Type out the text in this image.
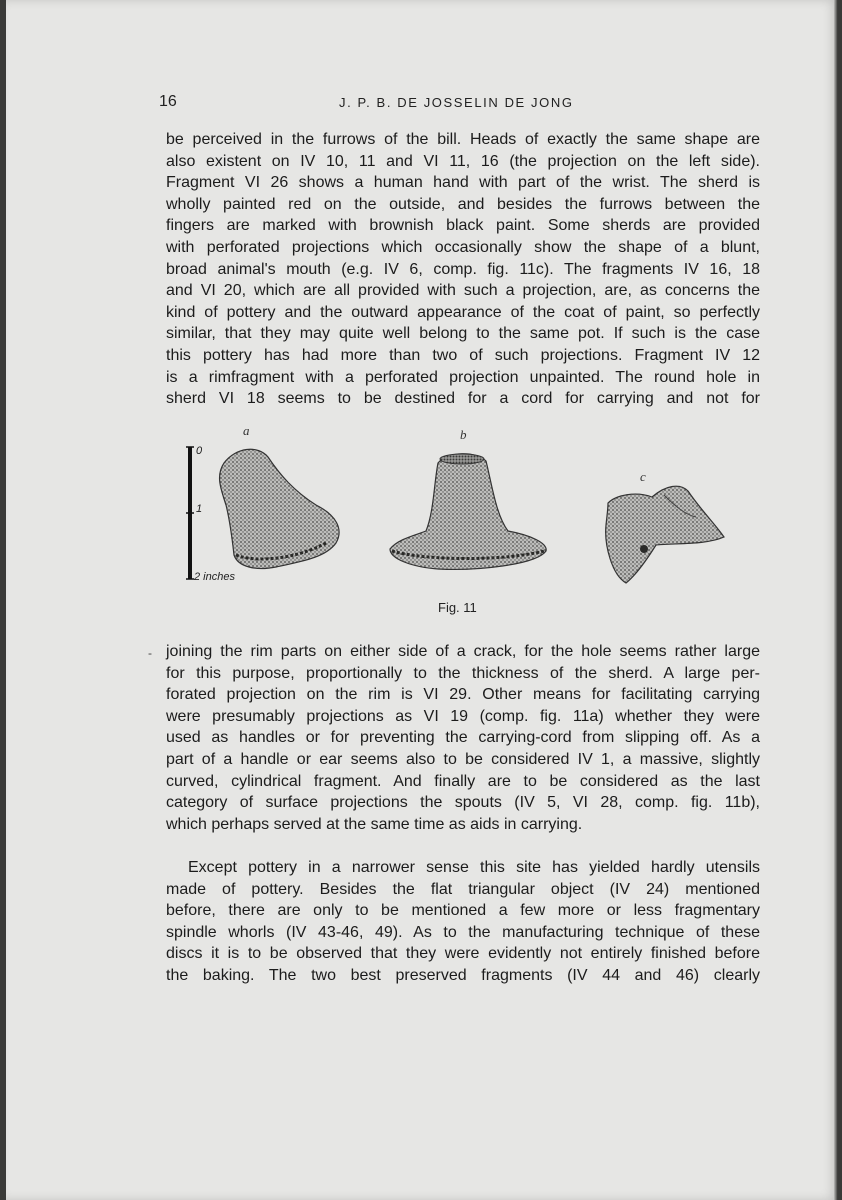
16	J. P. B. DE JOSSELIN DE JONG
be perceived in the furrows of the bill. Heads of exactly the same shape are
also existent on IV 10, 11 and VI 11, 16 (the projection on the left side).
Fragment VI 26 shows a human hand with part of the wrist. The sherd is
wholly painted red on the outside, and besides the furrows between the
fingers are marked with brownish black paint. Some sherds are provided
with perforated projections which occasionally show the shape of a blunt,
broad animal's mouth (e.g. IV 6, comp. fig. 11c). The fragments IV 16, 18
and VI 20, which are all provided with such a projection, are, as concerns the
kind of pottery and the outward appearance of the coat of paint, so perfectly
similar, that they may quite well belong to the same pot. If such is the case
this pottery has had more than two of such projections. Fragment IV 12
is a rimfragment with a perforated projection unpainted. The round hole in
sherd VI 18 seems to be destined for a cord for carrying and not for
a	b
c
0
1
2 inches
Fig. 11
- joining the rim parts on either side of a crack, for the hole seems rather large
for this purpose, proportionally to the thickness of the sherd. A large per-
forated projection on the rim is VI 29. Other means for facilitating carrying
were presumably projections as VI 19 (comp. fig. 11a) whether they were
used as handles or for preventing the carrying-cord from slipping off. As a
part of a handle or ear seems also to be considered IV 1, a massive, slightly
curved, cylindrical fragment. And finally are to be considered as the last
category of surface projections the spouts (IV 5, VI 28, comp. fig. 11b),
which perhaps served at the same time as aids in carrying.
Except pottery in a narrower sense this site has yielded hardly utensils
made of pottery. Besides the flat triangular object (IV 24) mentioned
before, there are only to be mentioned a few more or less fragmentary
spindle whorls (IV 43-46, 49). As to the manufacturing technique of these
discs it is to be observed that they were evidently not entirely finished before
the baking. The two best preserved fragments (IV 44 and 46) clearly
